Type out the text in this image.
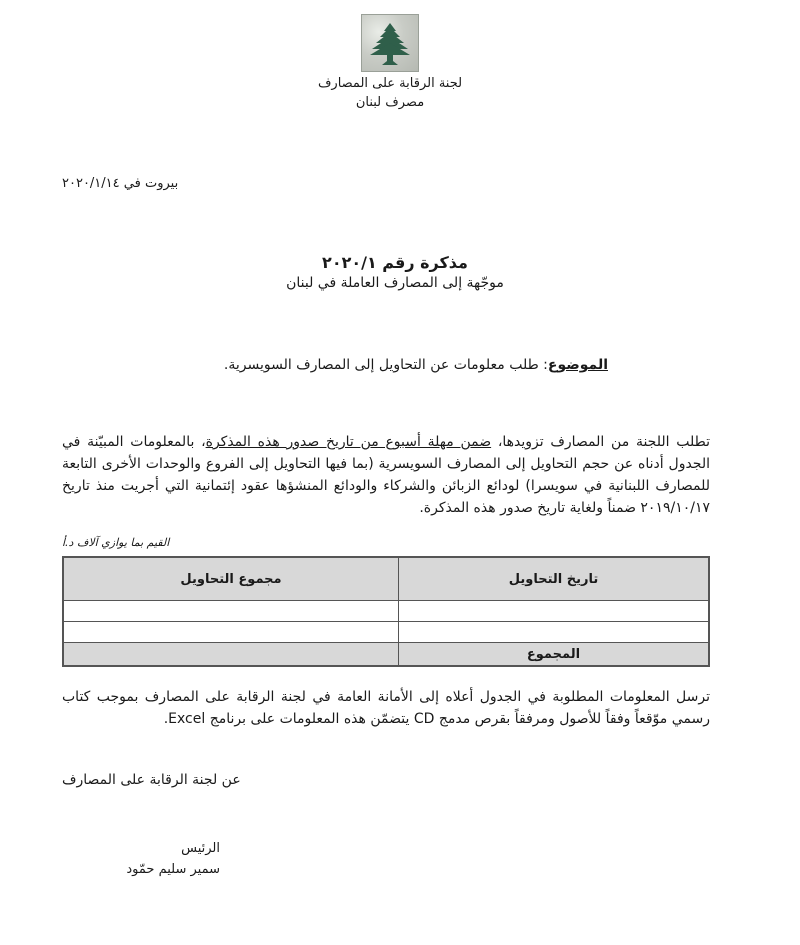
لجنة الرقابة على المصارف
مصرف لبنان
بيروت في ٢٠٢٠/١/١٤
مذكرة رقم ٢٠٢٠/١
موجّهة إلى المصارف العاملة في لبنان
الموضوع: طلب معلومات عن التحاويل إلى المصارف السويسرية.
تطلب اللجنة من المصارف تزويدها، ضمن مهلة أسبوع من تاريخ صدور هذه المذكرة، بالمعلومات المبيّنة في الجدول أدناه عن حجم التحاويل إلى المصارف السويسرية (بما فيها التحاويل إلى الفروع والوحدات الأخرى التابعة للمصارف اللبنانية في سويسرا) لودائع الزبائن والشركاء والودائع المنشؤها عقود إئتمانية التي أجريت منذ تاريخ ٢٠١٩/١٠/١٧ ضمناً ولغاية تاريخ صدور هذه المذكرة.
القيم بما يوازي آلاف د.أ
تاريخ التحاويل	مجموع التحاويل

المجموع	
ترسل المعلومات المطلوبة في الجدول أعلاه إلى الأمانة العامة في لجنة الرقابة على المصارف بموجب كتاب رسمي موّقعاً وفقاً للأصول ومرفقاً بقرص مدمج CD يتضمّن هذه المعلومات على برنامج Excel.
عن لجنة الرقابة على المصارف
الرئيس
سمير سليم حمّود
